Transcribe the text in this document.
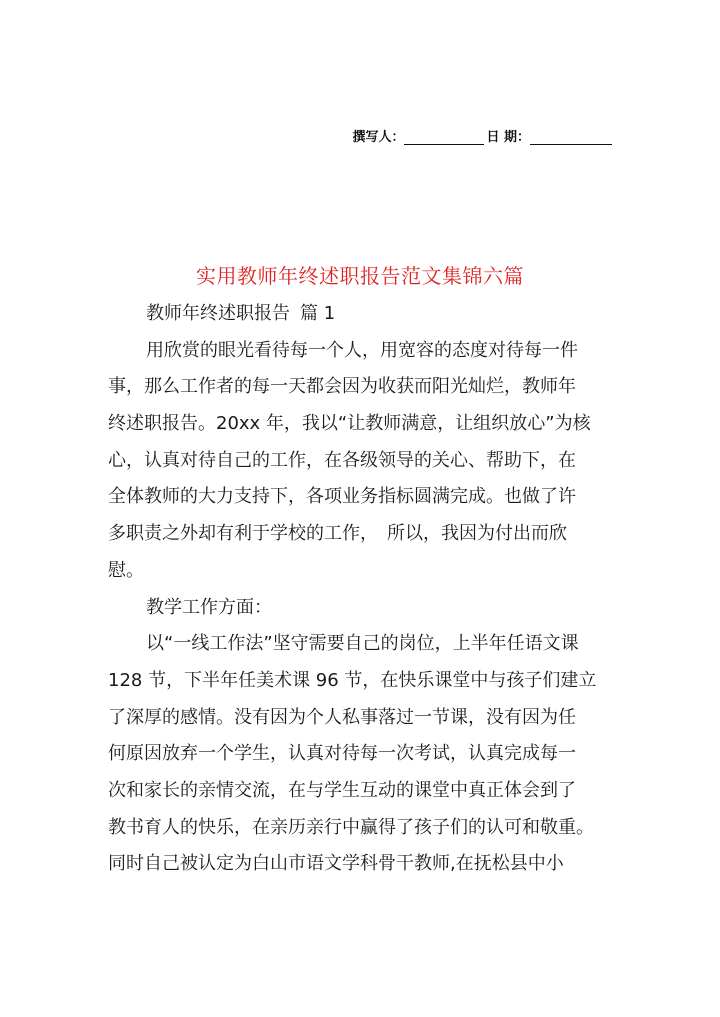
撰写人：	日 期：
实用教师年终述职报告范文集锦六篇
教师年终述职报告 篇 1
用欣赏的眼光看待每一个人，用宽容的态度对待每一件
事，那么工作者的每一天都会因为收获而阳光灿烂，教师年
终述职报告。20xx 年，我以“让教师满意，让组织放心”为核
心，认真对待自己的工作，在各级领导的关心、帮助下，在
全体教师的大力支持下，各项业务指标圆满完成。也做了许
多职责之外却有利于学校的工作，　所以，我因为付出而欣
慰。
教学工作方面：
以“一线工作法”坚守需要自己的岗位，上半年任语文课
128 节，下半年任美术课 96 节，在快乐课堂中与孩子们建立
了深厚的感情。没有因为个人私事落过一节课，没有因为任
何原因放弃一个学生，认真对待每一次考试，认真完成每一
次和家长的亲情交流，在与学生互动的课堂中真正体会到了
教书育人的快乐，在亲历亲行中赢得了孩子们的认可和敬重。
同时自己被认定为白山市语文学科骨干教师,在抚松县中小
